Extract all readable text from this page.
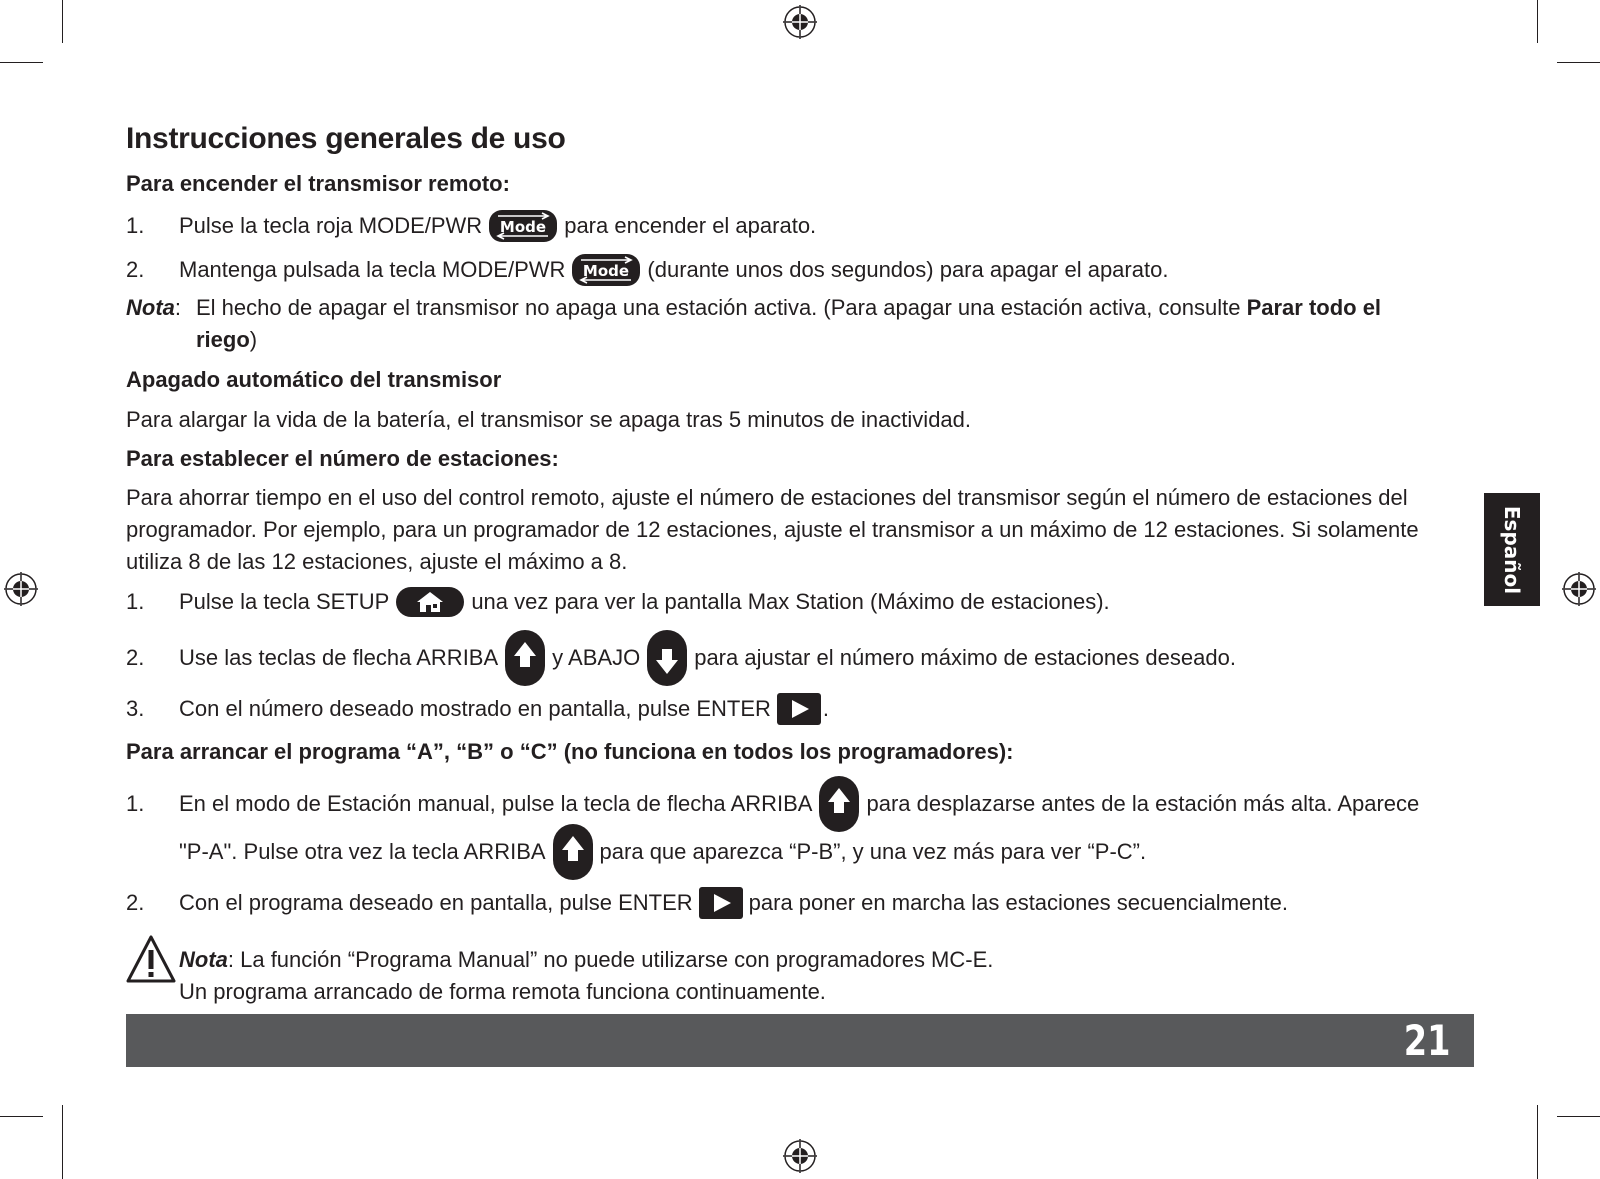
Instrucciones generales de uso
Para encender el transmisor remoto:
1. Pulse la tecla roja MODE/PWR Mode para encender el aparato.
2. Mantenga pulsada la tecla MODE/PWR Mode (durante unos dos segundos) para apagar el aparato.
Nota: El hecho de apagar el transmisor no apaga una estación activa. (Para apagar una estación activa, consulte Parar todo el
riego)
Apagado automático del transmisor
Para alargar la vida de la batería, el transmisor se apaga tras 5 minutos de inactividad.
Para establecer el número de estaciones:
Para ahorrar tiempo en el uso del control remoto, ajuste el número de estaciones del transmisor según el número de estaciones del programador. Por ejemplo, para un programador de 12 estaciones, ajuste el transmisor a un máximo de 12 estaciones. Si solamente utiliza 8 de las 12 estaciones, ajuste el máximo a 8.
1. Pulse la tecla SETUP	una vez para ver la pantalla Max Station (Máximo de estaciones).
2. Use las teclas de flecha ARRIBA y ABAJO para ajustar el número máximo de estaciones deseado.
3. Con el número deseado mostrado en pantalla, pulse ENTER .
Para arrancar el programa “A”, “B” o “C” (no funciona en todos los programadores):
1. En el modo de Estación manual, pulse la tecla de flecha ARRIBA para desplazarse antes de la estación más alta. Aparece
"P-A". Pulse otra vez la tecla ARRIBA para que aparezca “P-B”, y una vez más para ver “P-C”.
2. Con el programa deseado en pantalla, pulse ENTER	para poner en marcha las estaciones secuencialmente.
Nota: La función “Programa Manual” no puede utilizarse con programadores MC-E.
Un programa arrancado de forma remota funciona continuamente.
Español
21
